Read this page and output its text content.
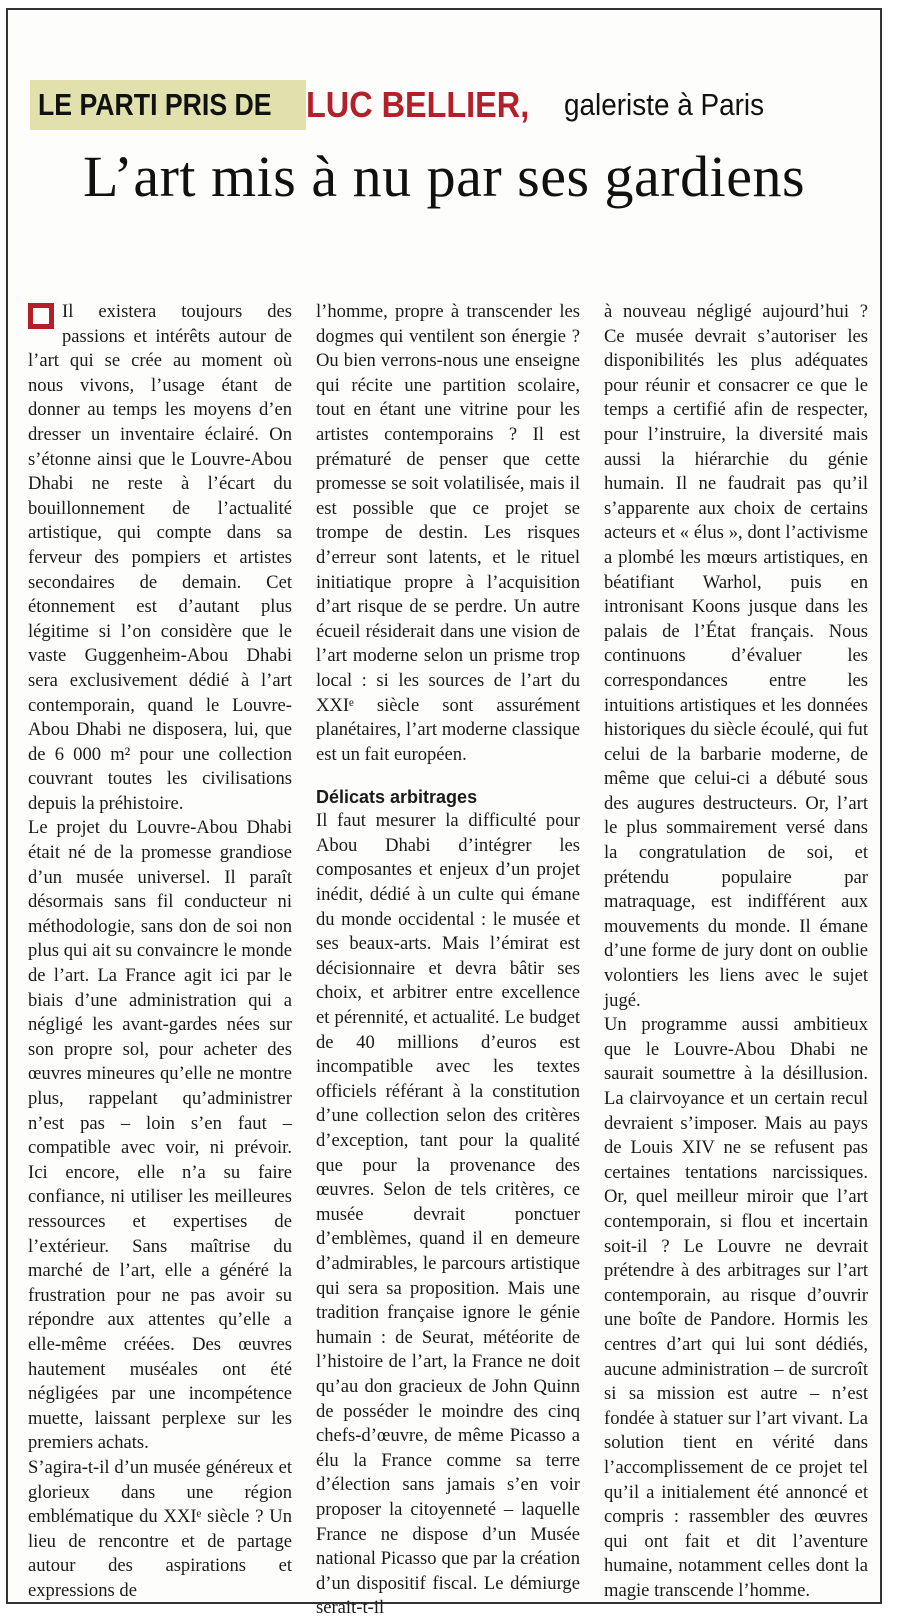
LE PARTI PRIS DE LUC BELLIER, galeriste à Paris
L’art mis à nu par ses gardiens

Il existera toujours des passions et intérêts autour de l’art qui se crée au moment où nous vivons, l’usage étant de donner au temps les moyens d’en dresser un inventaire éclairé. On s’étonne ainsi que le Louvre-Abou Dhabi ne reste à l’écart du bouillonnement de l’actualité artistique, qui compte dans sa ferveur des pompiers et artistes secondaires de demain. Cet étonnement est d’autant plus légitime si l’on considère que le vaste Guggenheim-Abou Dhabi sera exclusivement dédié à l’art contemporain, quand le Louvre-Abou Dhabi ne disposera, lui, que de 6 000 m² pour une collection couvrant toutes les civilisations depuis la préhistoire.

Le projet du Louvre-Abou Dhabi était né de la promesse grandiose d’un musée universel. Il paraît désormais sans fil conducteur ni méthodologie, sans don de soi non plus qui ait su convaincre le monde de l’art. La France agit ici par le biais d’une administration qui a négligé les avant-gardes nées sur son propre sol, pour acheter des œuvres mineures qu’elle ne montre plus, rappelant qu’administrer n’est pas – loin s’en faut – compatible avec voir, ni prévoir. Ici encore, elle n’a su faire confiance, ni utiliser les meilleures ressources et expertises de l’extérieur. Sans maîtrise du marché de l’art, elle a généré la frustration pour ne pas avoir su répondre aux attentes qu’elle a elle-même créées. Des œuvres hautement muséales ont été négligées par une incompétence muette, laissant perplexe sur les premiers achats.

S’agira-t-il d’un musée généreux et glorieux dans une région emblématique du XXIᵉ siècle ? Un lieu de rencontre et de partage autour des aspirations et expressions de

l’homme, propre à transcender les dogmes qui ventilent son énergie ? Ou bien verrons-nous une enseigne qui récite une partition scolaire, tout en étant une vitrine pour les artistes contemporains ? Il est prématuré de penser que cette promesse se soit volatilisée, mais il est possible que ce projet se trompe de destin. Les risques d’erreur sont latents, et le rituel initiatique propre à l’acquisition d’art risque de se perdre. Un autre écueil résiderait dans une vision de l’art moderne selon un prisme trop local : si les sources de l’art du XXIᵉ siècle sont assurément planétaires, l’art moderne classique est un fait européen.

Délicats arbitrages

Il faut mesurer la difficulté pour Abou Dhabi d’intégrer les composantes et enjeux d’un projet inédit, dédié à un culte qui émane du monde occidental : le musée et ses beaux-arts. Mais l’émirat est décisionnaire et devra bâtir ses choix, et arbitrer entre excellence et pérennité, et actualité. Le budget de 40 millions d’euros est incompatible avec les textes officiels référant à la constitution d’une collection selon des critères d’exception, tant pour la qualité que pour la provenance des œuvres. Selon de tels critères, ce musée devrait ponctuer d’emblèmes, quand il en demeure d’admirables, le parcours artistique qui sera sa proposition. Mais une tradition française ignore le génie humain : de Seurat, météorite de l’histoire de l’art, la France ne doit qu’au don gracieux de John Quinn de posséder le moindre des cinq chefs-d’œuvre, de même Picasso a élu la France comme sa terre d’élection sans jamais s’en voir proposer la citoyenneté – laquelle France ne dispose d’un Musée national Picasso que par la création d’un dispositif fiscal. Le démiurge serait-t-il

à nouveau négligé aujourd’hui ? Ce musée devrait s’autoriser les disponibilités les plus adéquates pour réunir et consacrer ce que le temps a certifié afin de respecter, pour l’instruire, la diversité mais aussi la hiérarchie du génie humain. Il ne faudrait pas qu’il s’apparente aux choix de certains acteurs et « élus », dont l’activisme a plombé les mœurs artistiques, en béatifiant Warhol, puis en intronisant Koons jusque dans les palais de l’État français. Nous continuons d’évaluer les correspondances entre les intuitions artistiques et les données historiques du siècle écoulé, qui fut celui de la barbarie moderne, de même que celui-ci a débuté sous des augures destructeurs. Or, l’art le plus sommairement versé dans la congratulation de soi, et prétendu populaire par matraquage, est indifférent aux mouvements du monde. Il émane d’une forme de jury dont on oublie volontiers les liens avec le sujet jugé.

Un programme aussi ambitieux que le Louvre-Abou Dhabi ne saurait soumettre à la désillusion. La clairvoyance et un certain recul devraient s’imposer. Mais au pays de Louis XIV ne se refusent pas certaines tentations narcissiques. Or, quel meilleur miroir que l’art contemporain, si flou et incertain soit-il ? Le Louvre ne devrait prétendre à des arbitrages sur l’art contemporain, au risque d’ouvrir une boîte de Pandore. Hormis les centres d’art qui lui sont dédiés, aucune administration – de surcroît si sa mission est autre – n’est fondée à statuer sur l’art vivant. La solution tient en vérité dans l’accomplissement de ce projet tel qu’il a initialement été annoncé et compris : rassembler des œuvres qui ont fait et dit l’aventure humaine, notamment celles dont la magie transcende l’homme.
